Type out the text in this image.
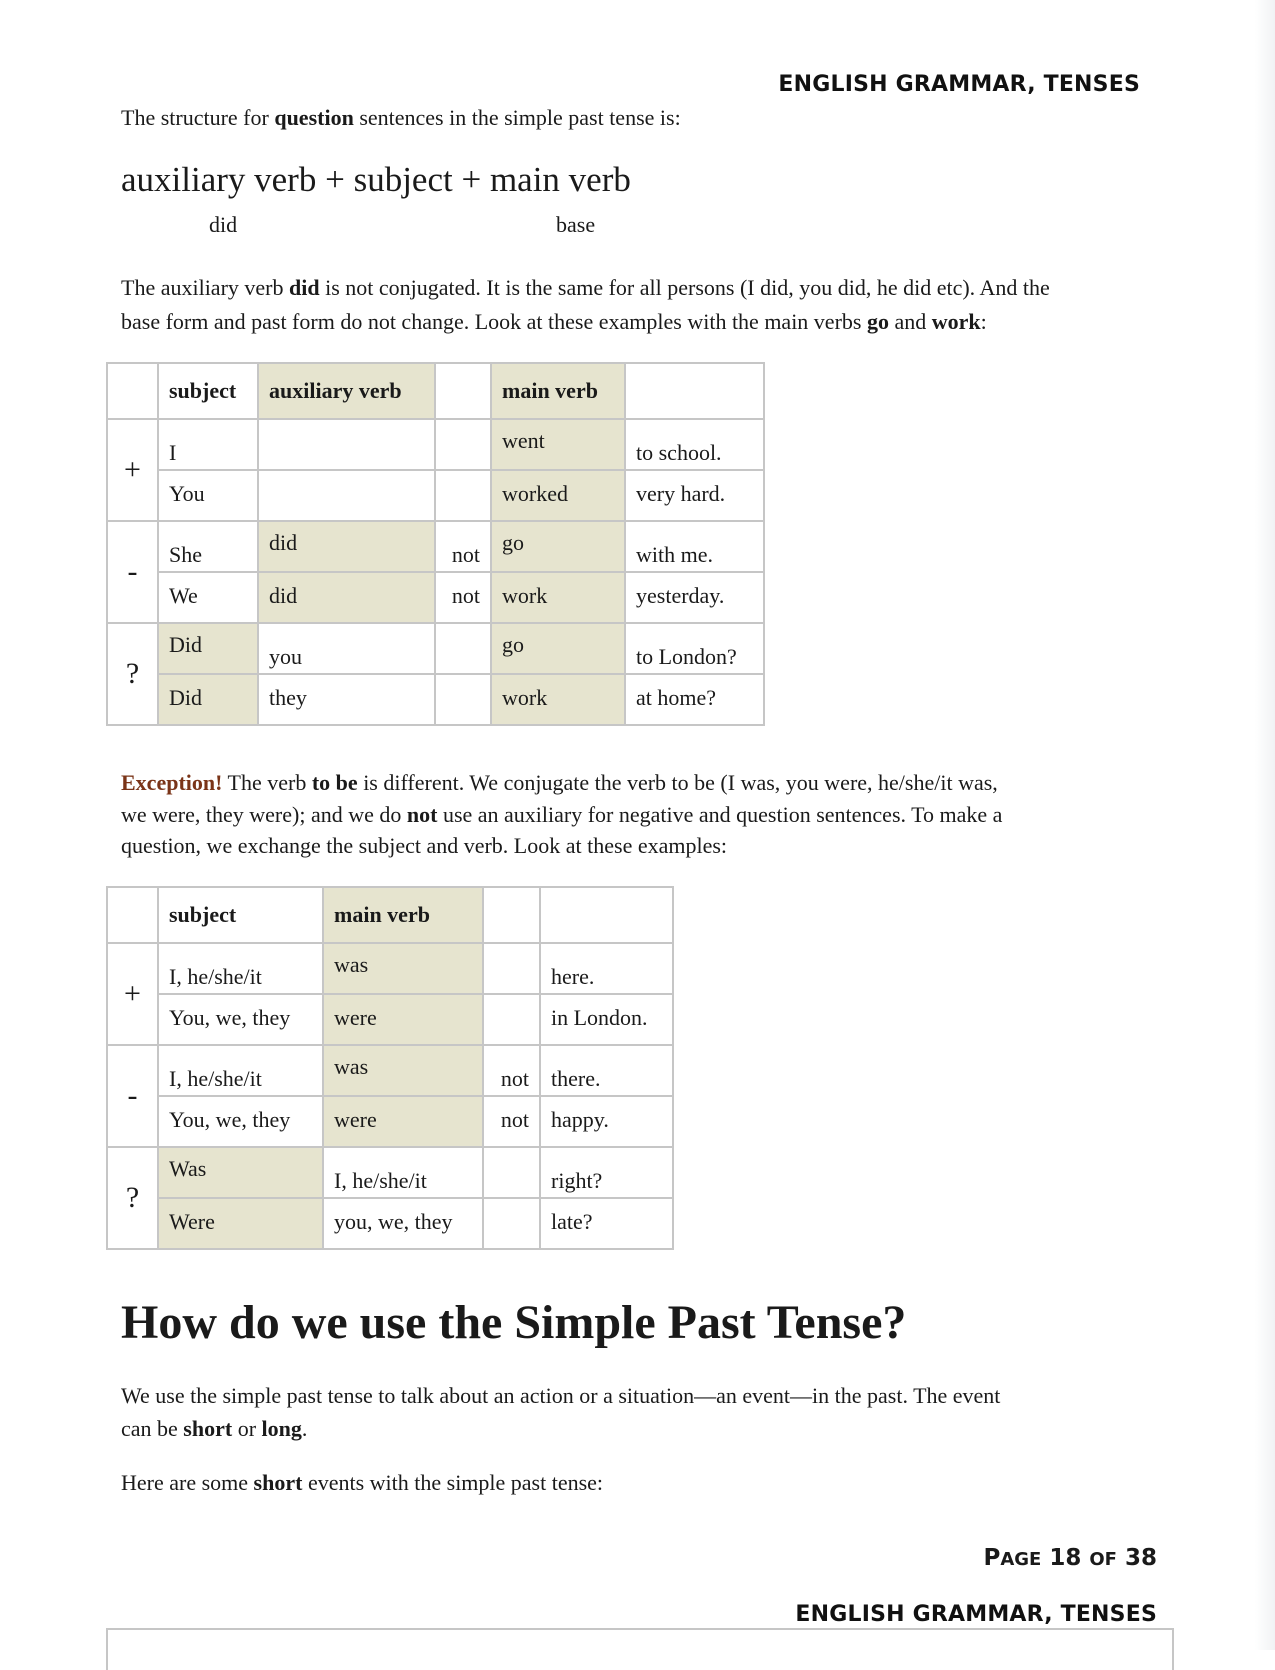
ENGLISH GRAMMAR, TENSES
The structure for question sentences in the simple past tense is:
auxiliary verb + subject + main verb
did	base
The auxiliary verb did is not conjugated. It is the same for all persons (I did, you did, he did etc). And the
base form and past form do not change. Look at these examples with the main verbs go and work:
	subject	auxiliary verb		main verb	
+	I			went	to school.

	You			worked	very hard.

-	She	did	not	go	with me.

	We	did	not	work	yesterday.

?	Did	you		go	to London?

	Did	they		work	at home?
Exception! The verb to be is different. We conjugate the verb to be (I was, you were, he/she/it was,
we were, they were); and we do not use an auxiliary for negative and question sentences. To make a
question, we exchange the subject and verb. Look at these examples:
	subject	main verb		
+	I, he/she/it	was		here.

	You, we, they	were		in London.

-	I, he/she/it	was	not	there.

	You, we, they	were	not	happy.

?	Was	I, he/she/it		right?

	Were	you, we, they		late?
How do we use the Simple Past Tense?
We use the simple past tense to talk about an action or a situation—an event—in the past. The event
can be short or long.
Here are some short events with the simple past tense:
PAGE 18 OF 38
ENGLISH GRAMMAR, TENSES
